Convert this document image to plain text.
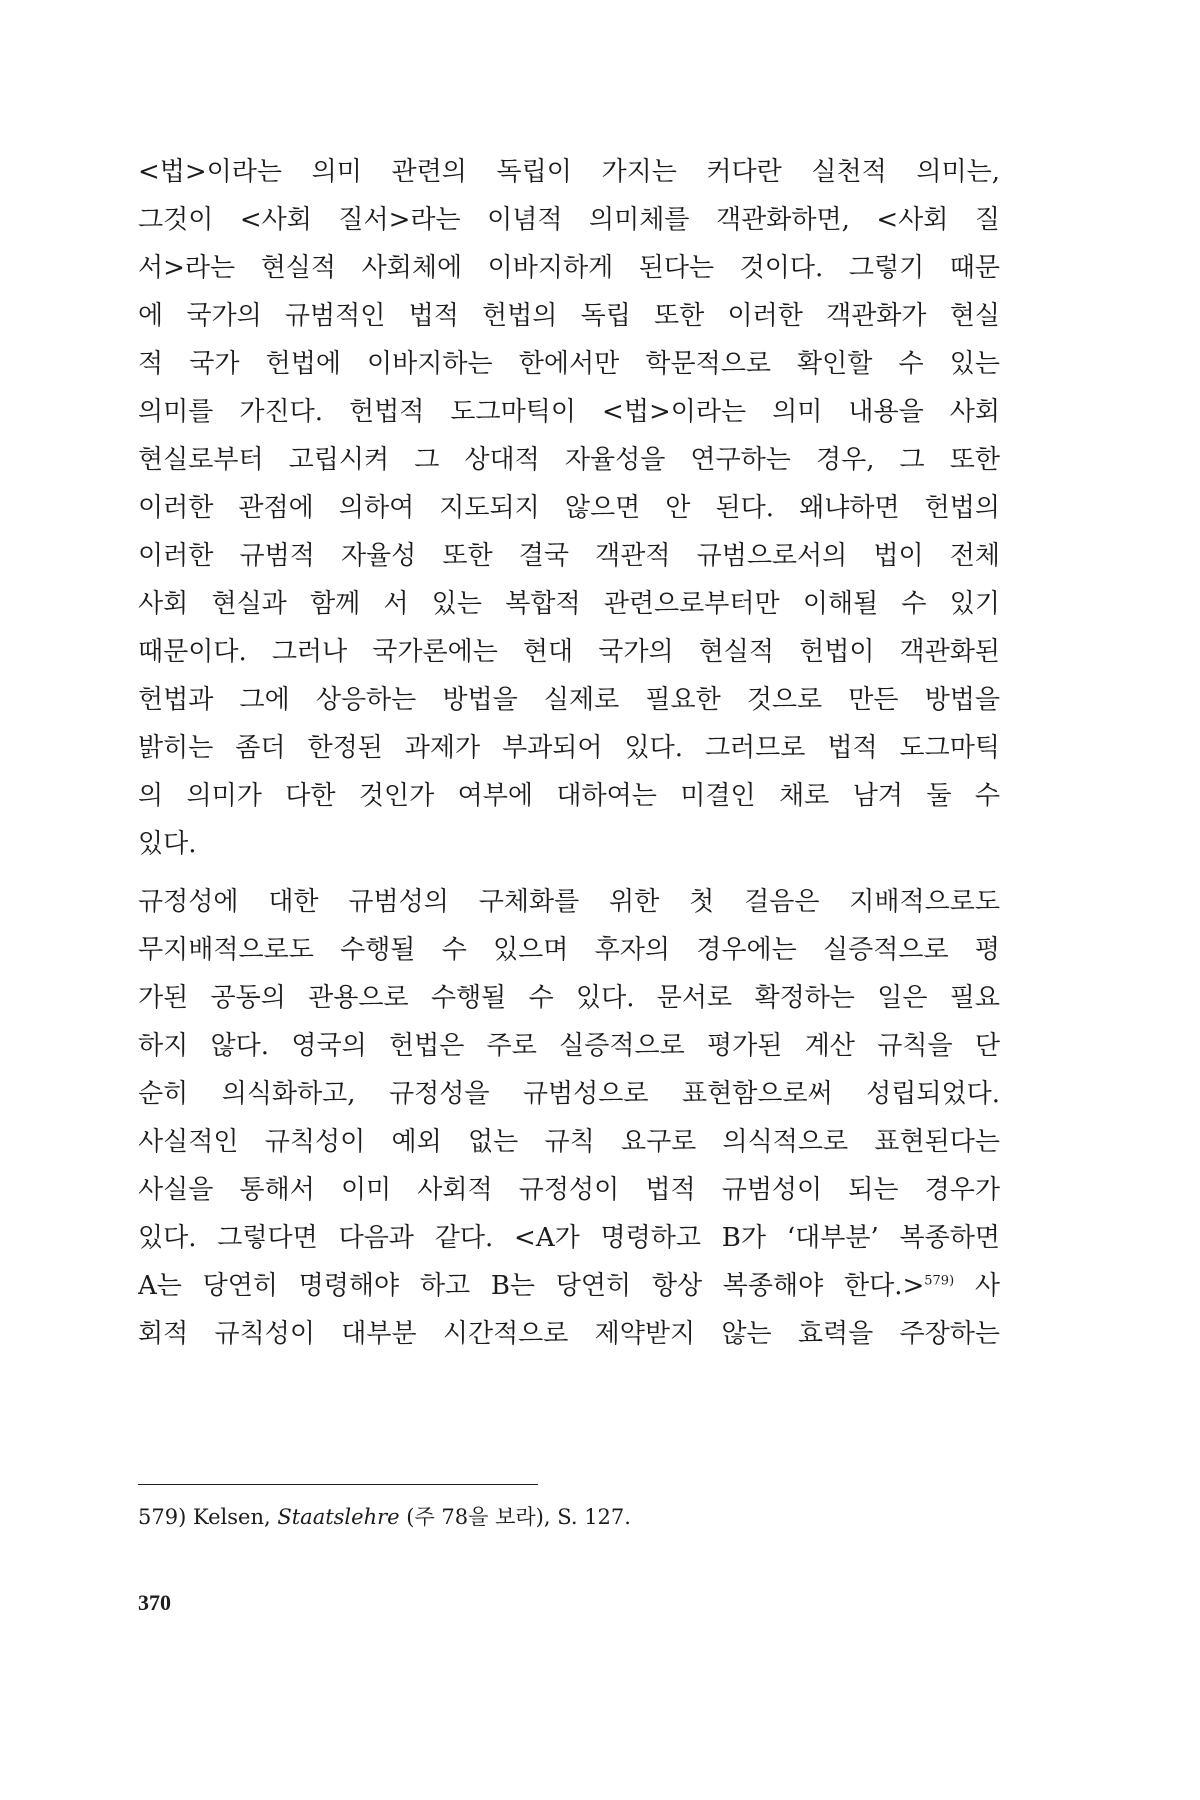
<법>이라는 의미 관련의 독립이 가지는 커다란 실천적 의미는,
그것이 <사회 질서>라는 이념적 의미체를 객관화하면, <사회 질
서>라는 현실적 사회체에 이바지하게 된다는 것이다. 그렇기 때문
에 국가의 규범적인 법적 헌법의 독립 또한 이러한 객관화가 현실
적 국가 헌법에 이바지하는 한에서만 학문적으로 확인할 수 있는
의미를 가진다. 헌법적 도그마틱이 <법>이라는 의미 내용을 사회
현실로부터 고립시켜 그 상대적 자율성을 연구하는 경우, 그 또한
이러한 관점에 의하여 지도되지 않으면 안 된다. 왜냐하면 헌법의
이러한 규범적 자율성 또한 결국 객관적 규범으로서의 법이 전체
사회 현실과 함께 서 있는 복합적 관련으로부터만 이해될 수 있기
때문이다. 그러나 국가론에는 현대 국가의 현실적 헌법이 객관화된
헌법과 그에 상응하는 방법을 실제로 필요한 것으로 만든 방법을
밝히는 좀더 한정된 과제가 부과되어 있다. 그러므로 법적 도그마틱
의 의미가 다한 것인가 여부에 대하여는 미결인 채로 남겨 둘 수
있다.
규정성에 대한 규범성의 구체화를 위한 첫 걸음은 지배적으로도
무지배적으로도 수행될 수 있으며 후자의 경우에는 실증적으로 평
가된 공동의 관용으로 수행될 수 있다. 문서로 확정하는 일은 필요
하지 않다. 영국의 헌법은 주로 실증적으로 평가된 계산 규칙을 단
순히 의식화하고, 규정성을 규범성으로 표현함으로써 성립되었다.
사실적인 규칙성이 예외 없는 규칙 요구로 의식적으로 표현된다는
사실을 통해서 이미 사회적 규정성이 법적 규범성이 되는 경우가
있다. 그렇다면 다음과 같다. <A가 명령하고 B가 ‘대부분’ 복종하면
A는 당연히 명령해야 하고 B는 당연히 항상 복종해야 한다.>$^{579)}$ 사
회적 규칙성이 대부분 시간적으로 제약받지 않는 효력을 주장하는
579) Kelsen, Staatslehre (주 78을 보라), S. 127.
370
